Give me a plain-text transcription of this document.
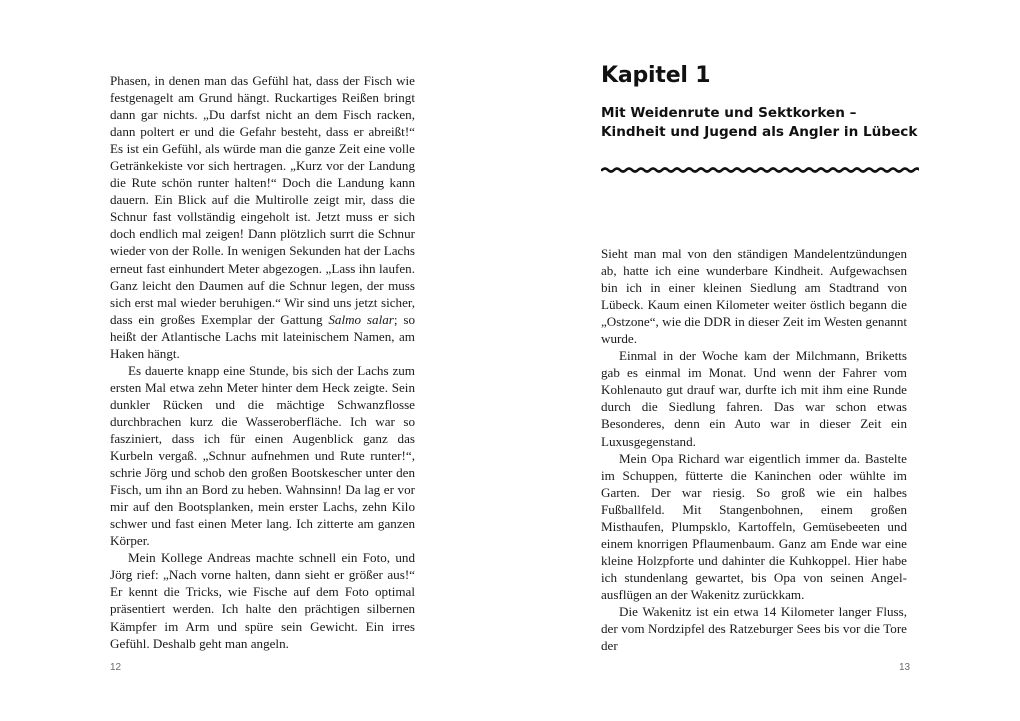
Phasen, in denen man das Gefühl hat, dass der Fisch wie festgenagelt am Grund hängt. Ruckartiges Reißen bringt dann gar nichts. „Du darfst nicht an dem Fisch racken, dann poltert er und die Gefahr besteht, dass er abreißt!“ Es ist ein Gefühl, als würde man die ganze Zeit eine volle Getränkekiste vor sich hertragen. „Kurz vor der Landung die Rute schön runter halten!“ Doch die Landung kann dauern. Ein Blick auf die Multirolle zeigt mir, dass die Schnur fast vollständig eingeholt ist. Jetzt muss er sich doch endlich mal zeigen! Dann plötzlich surrt die Schnur wieder von der Rolle. In wenigen Sekunden hat der Lachs erneut fast einhundert Meter abgezogen. „Lass ihn laufen. Ganz leicht den Daumen auf die Schnur legen, der muss sich erst mal wieder beruhigen.“ Wir sind uns jetzt sicher, dass ein großes Exemplar der Gattung Salmo salar; so heißt der Atlantische Lachs mit lateinischem Namen, am Haken hängt.

Es dauerte knapp eine Stunde, bis sich der Lachs zum ersten Mal etwa zehn Meter hinter dem Heck zeigte. Sein dunkler Rücken und die mächtige Schwanzflosse durchbrachen kurz die Wasseroberfläche. Ich war so fasziniert, dass ich für einen Augenblick ganz das Kurbeln vergaß. „Schnur aufnehmen und Rute runter!“, schrie Jörg und schob den großen Bootskescher unter den Fisch, um ihn an Bord zu heben. Wahnsinn! Da lag er vor mir auf den Bootsplanken, mein erster Lachs, zehn Kilo schwer und fast einen Meter lang. Ich zitterte am ganzen Körper.

Mein Kollege Andreas machte schnell ein Foto, und Jörg rief: „Nach vorne halten, dann sieht er größer aus!“ Er kennt die Tricks, wie Fische auf dem Foto optimal präsentiert werden. Ich halte den prächtigen silbernen Kämpfer im Arm und spüre sein Gewicht. Ein irres Gefühl. Deshalb geht man angeln.

12
Kapitel 1
Mit Weidenrute und Sektkorken –
Kindheit und Jugend als Angler in Lübeck

Sieht man mal von den ständigen Mandelentzündungen ab, hatte ich eine wunderbare Kindheit. Aufgewachsen bin ich in einer kleinen Siedlung am Stadtrand von Lübeck. Kaum einen Kilometer weiter östlich begann die „Ostzone“, wie die DDR in dieser Zeit im Westen genannt wurde.

Einmal in der Woche kam der Milchmann, Briketts gab es einmal im Monat. Und wenn der Fahrer vom Kohlenauto gut drauf war, durfte ich mit ihm eine Runde durch die Siedlung fahren. Das war schon etwas Besonderes, denn ein Auto war in dieser Zeit ein Luxusgegenstand.

Mein Opa Richard war eigentlich immer da. Bastelte im Schuppen, fütterte die Kaninchen oder wühlte im Garten. Der war riesig. So groß wie ein halbes Fußballfeld. Mit Stangenbohnen, einem großen Misthaufen, Plumpsklo, Kartoffeln, Gemüsebeeten und einem knorrigen Pflaumenbaum. Ganz am Ende war eine kleine Holzpforte und dahinter die Kuhkoppel. Hier habe ich stundenlang gewartet, bis Opa von seinen Angelausflügen an der Wakenitz zurückkam.

Die Wakenitz ist ein etwa 14 Kilometer langer Fluss, der vom Nordzipfel des Ratzeburger Sees bis vor die Tore der

13
